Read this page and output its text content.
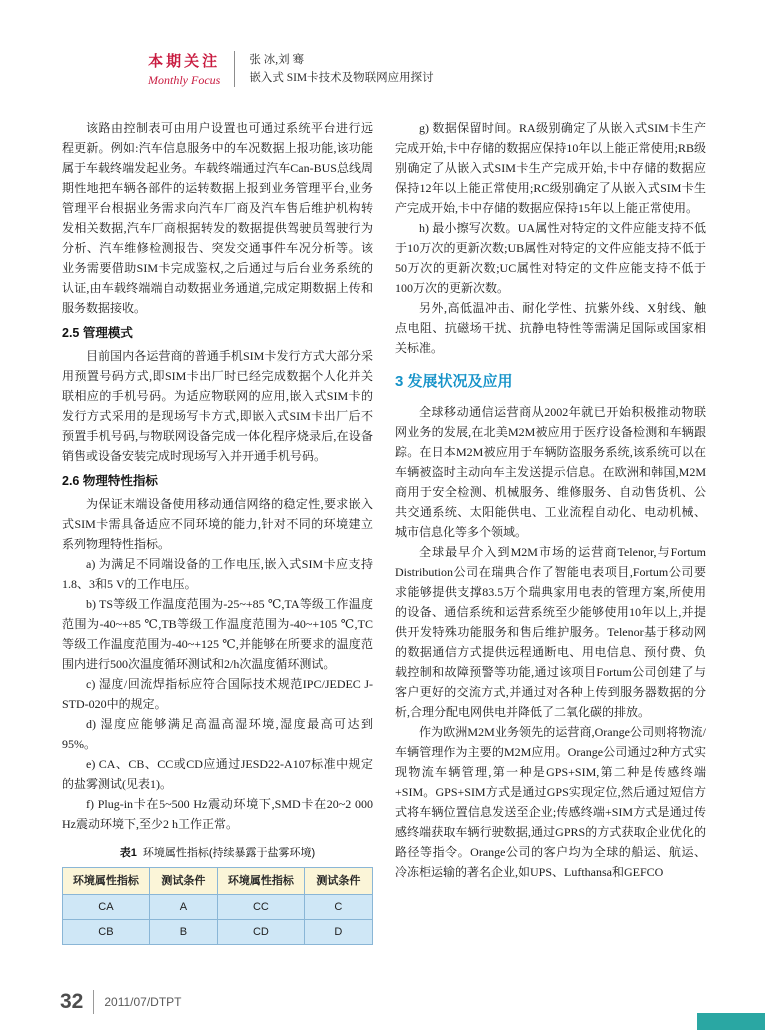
本期关注
Monthly Focus
张 冰,刘 骞
嵌入式 SIM卡技术及物联网应用探讨

该路由控制表可由用户设置也可通过系统平台进行远程更新。例如:汽车信息服务中的车况数据上报功能,该功能属于车载终端发起业务。车载终端通过汽车Can-BUS总线周期性地把车辆各部件的运转数据上报到业务管理平台,业务管理平台根据业务需求向汽车厂商及汽车售后维护机构转发相关数据,汽车厂商根据转发的数据提供驾驶员驾驶行为分析、汽车维修检测报告、突发交通事件车况分析等。该业务需要借助SIM卡完成鉴权,之后通过与后台业务系统的认证,由车载终端端自动数据业务通道,完成定期数据上传和服务数据接收。

2.5 管理模式

目前国内各运营商的普通手机SIM卡发行方式大部分采用预置号码方式,即SIM卡出厂时已经完成数据个人化并关联相应的手机号码。为适应物联网的应用,嵌入式SIM卡的发行方式采用的是现场写卡方式,即嵌入式SIM卡出厂后不预置手机号码,与物联网设备完成一体化程序烧录后,在设备销售或设备安装完成时现场写入并开通手机号码。

2.6 物理特性指标

为保证末端设备使用移动通信网络的稳定性,要求嵌入式SIM卡需具备适应不同环境的能力,针对不同的环境建立系列物理特性指标。

a) 为满足不同端设备的工作电压,嵌入式SIM卡应支持1.8、3和5 V的工作电压。

b) TS等级工作温度范围为-25~+85 ℃,TA等级工作温度范围为-40~+85 ℃,TB等级工作温度范围为-40~+105 ℃,TC等级工作温度范围为-40~+125 ℃,并能够在所要求的温度范围内进行500次温度循环测试和2/h次温度循环测试。

c) 湿度/回流焊指标应符合国际技术规范IPC/JEDEC J-STD-020中的规定。

d) 湿度应能够满足高温高湿环境,湿度最高可达到95%。

e) CA、CB、CC或CD应通过JESD22-A107标准中规定的盐雾测试(见表1)。

f) Plug-in卡在5~500 Hz震动环境下,SMD卡在20~2 000 Hz震动环境下,至少2 h工作正常。

表1 环境属性指标(持续暴露于盐雾环境)
环境属性指标	测试条件	环境属性指标	测试条件
CA	A	CC	C
CB	B	CD	D

g) 数据保留时间。RA级别确定了从嵌入式SIM卡生产完成开始,卡中存储的数据应保持10年以上能正常使用;RB级别确定了从嵌入式SIM卡生产完成开始,卡中存储的数据应保持12年以上能正常使用;RC级别确定了从嵌入式SIM卡生产完成开始,卡中存储的数据应保持15年以上能正常使用。

h) 最小擦写次数。UA属性对特定的文件应能支持不低于10万次的更新次数;UB属性对特定的文件应能支持不低于50万次的更新次数;UC属性对特定的文件应能支持不低于100万次的更新次数。

另外,高低温冲击、耐化学性、抗紫外线、X射线、触点电阻、抗磁场干扰、抗静电特性等需满足国际或国家相关标准。

3 发展状况及应用

全球移动通信运营商从2002年就已开始积极推动物联网业务的发展,在北美M2M被应用于医疗设备检测和车辆跟踪。在日本M2M被应用于车辆防盗服务系统,该系统可以在车辆被盗时主动向车主发送提示信息。在欧洲和韩国,M2M商用于安全检测、机械服务、维修服务、自动售货机、公共交通系统、太阳能供电、工业流程自动化、电动机械、城市信息化等多个领域。

全球最早介入到M2M市场的运营商Telenor,与Fortum Distribution公司在瑞典合作了智能电表项目,Fortum公司要求能够提供支撑83.5万个瑞典家用电表的管理方案,所使用的设备、通信系统和运营系统至少能够使用10年以上,并提供开发特殊功能服务和售后维护服务。Telenor基于移动网的数据通信方式提供远程通断电、用电信息、预付费、负载控制和故障预警等功能,通过该项目Fortum公司创建了与客户更好的交流方式,并通过对各种上传到服务器数据的分析,合理分配电网供电并降低了二氧化碳的排放。

作为欧洲M2M业务领先的运营商,Orange公司则将物流/车辆管理作为主要的M2M应用。Orange公司通过2种方式实现物流车辆管理,第一种是GPS+SIM,第二种是传感终端+SIM。GPS+SIM方式是通过GPS实现定位,然后通过短信方式将车辆位置信息发送至企业;传感终端+SIM方式是通过传感终端获取车辆行驶数据,通过GPRS的方式获取企业优化的路径等指令。Orange公司的客户均为全球的船运、航运、冷冻柜运输的著名企业,如UPS、Lufthansa和GEFCO

32	2011/07/DTPT
